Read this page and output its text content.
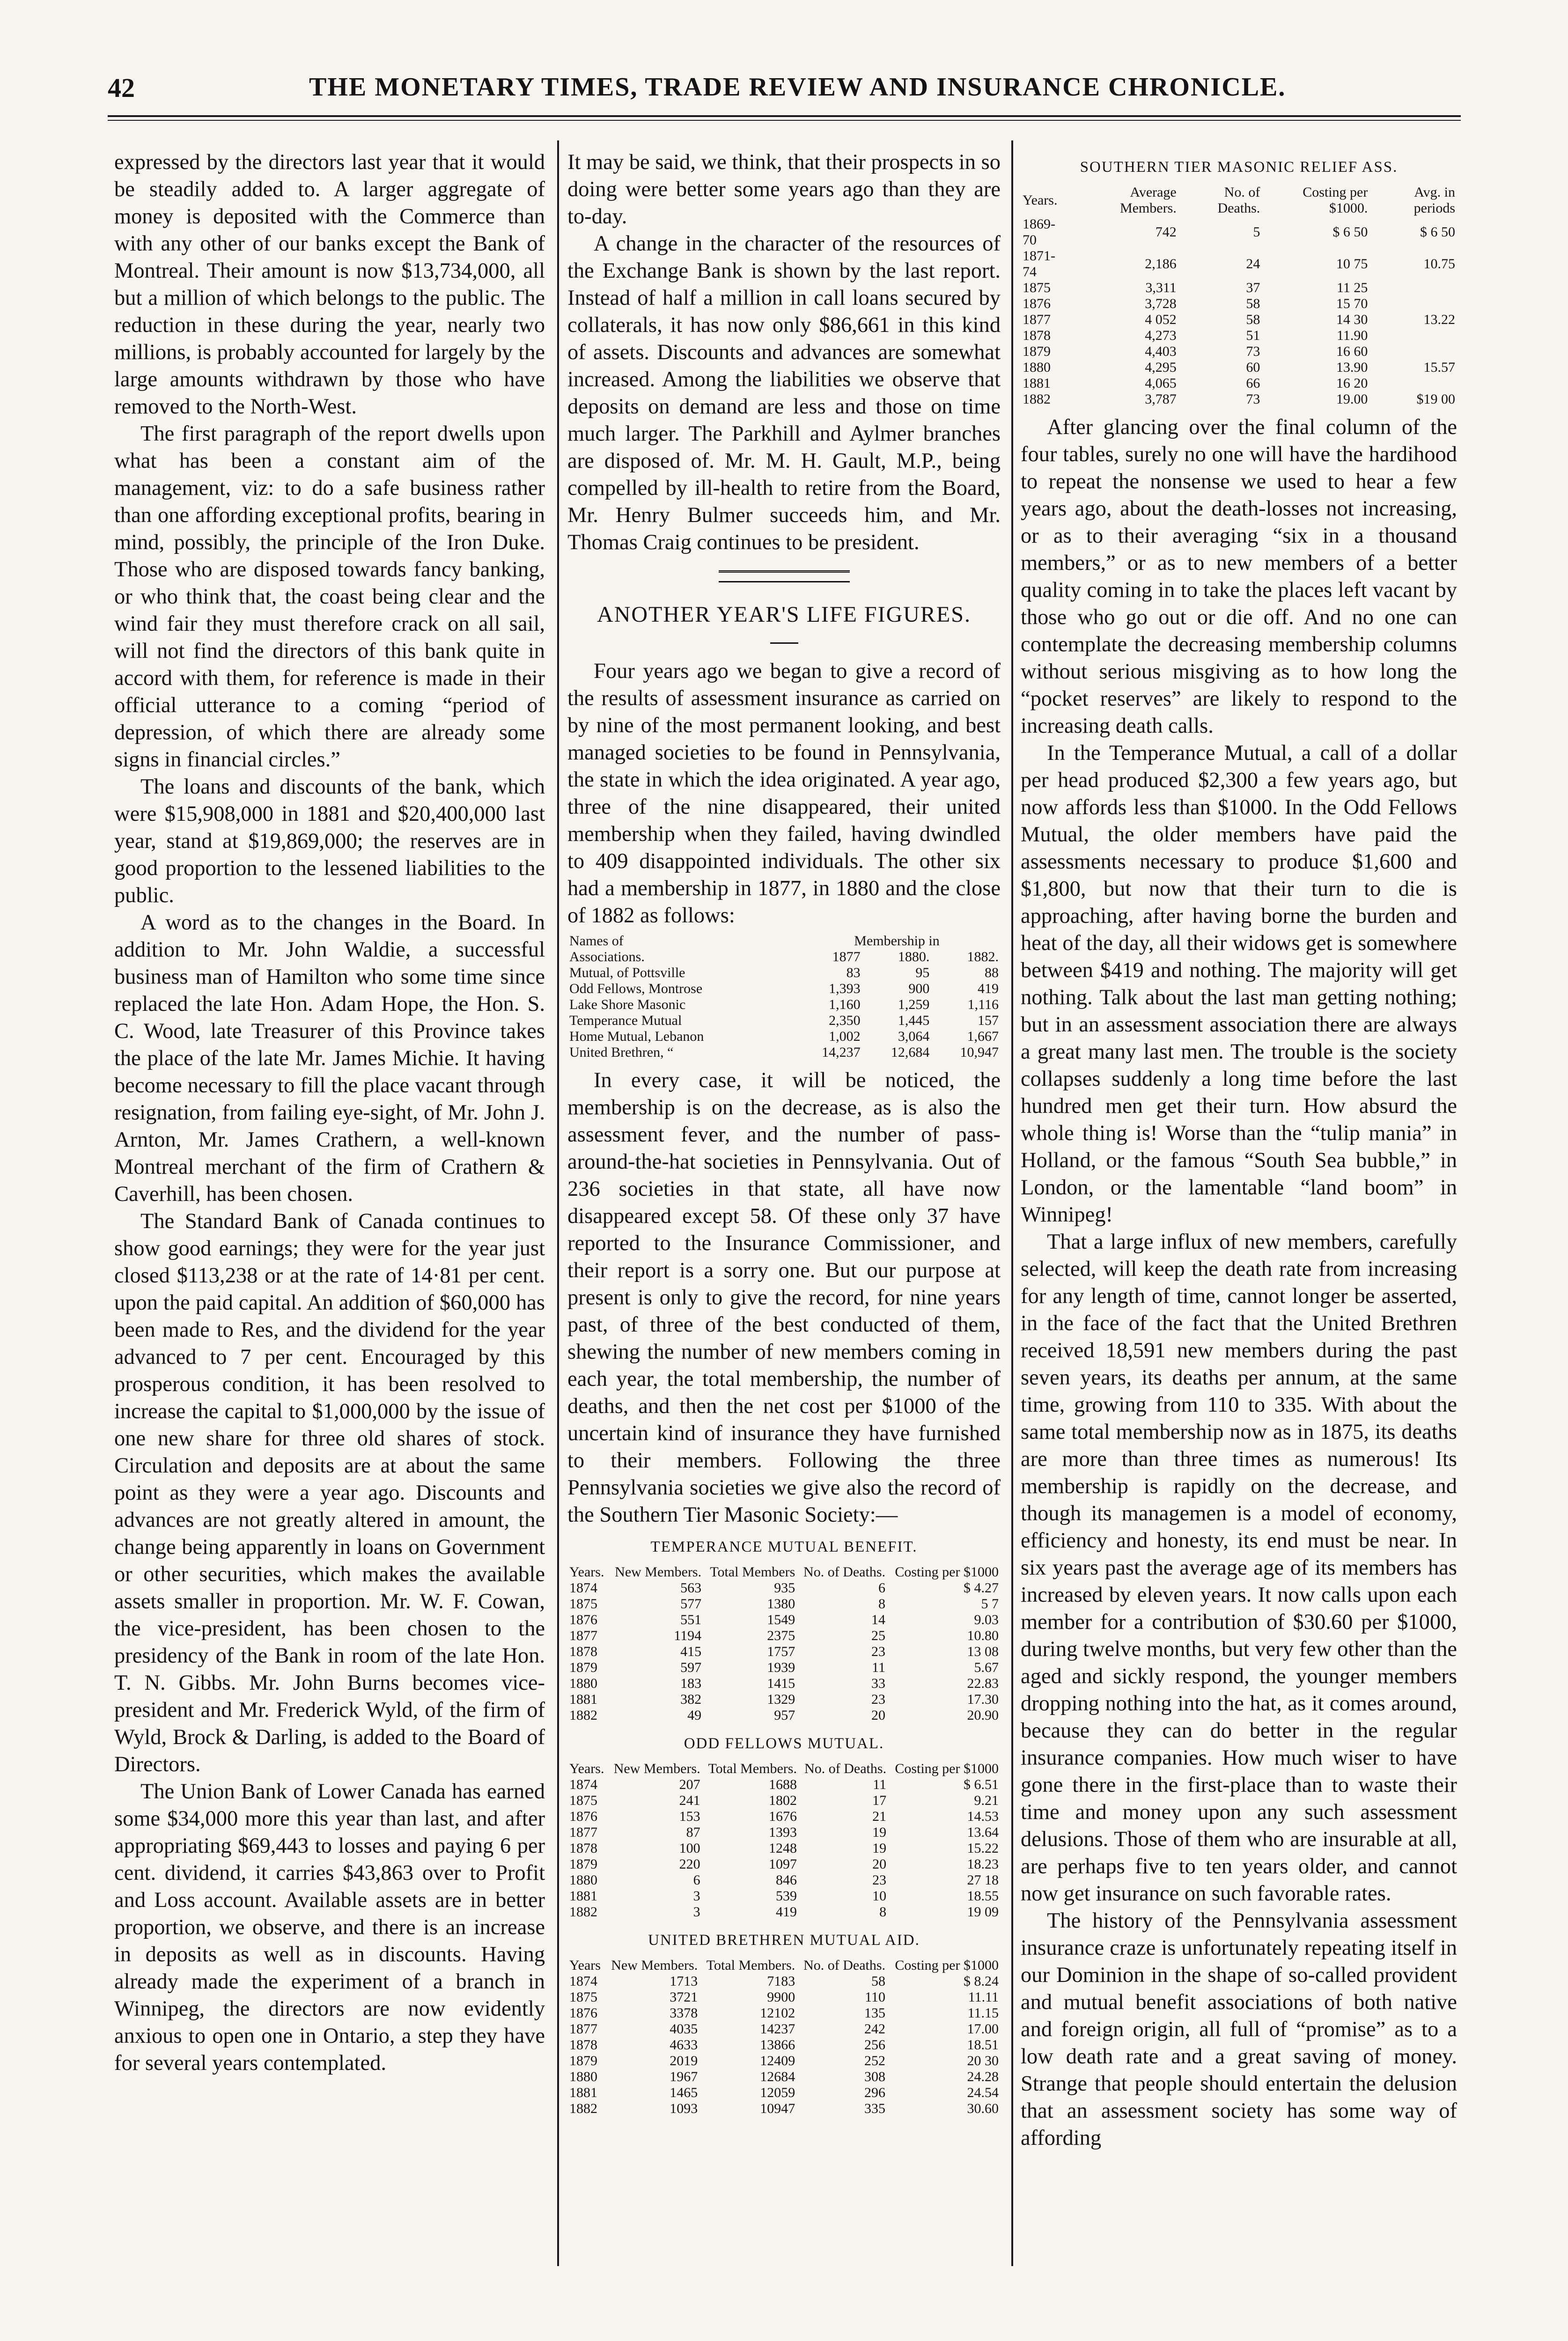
42	THE MONETARY TIMES, TRADE REVIEW AND INSURANCE CHRONICLE.

expressed by the directors last year that it would be steadily added to. A larger aggregate of money is deposited with the Commerce than with any other of our banks except the Bank of Montreal. Their amount is now $13,734,000, all but a million of which belongs to the public. The reduction in these during the year, nearly two millions, is probably accounted for largely by the large amounts withdrawn by those who have removed to the North-West.

The first paragraph of the report dwells upon what has been a constant aim of the management, viz: to do a safe business rather than one affording exceptional profits, bearing in mind, possibly, the principle of the Iron Duke. Those who are disposed towards fancy banking, or who think that, the coast being clear and the wind fair they must therefore crack on all sail, will not find the directors of this bank quite in accord with them, for reference is made in their official utterance to a coming “period of depression, of which there are already some signs in financial circles.”

The loans and discounts of the bank, which were $15,908,000 in 1881 and $20,400,000 last year, stand at $19,869,000; the reserves are in good proportion to the lessened liabilities to the public.

A word as to the changes in the Board. In addition to Mr. John Waldie, a successful business man of Hamilton who some time since replaced the late Hon. Adam Hope, the Hon. S. C. Wood, late Treasurer of this Province takes the place of the late Mr. James Michie. It having become necessary to fill the place vacant through resignation, from failing eye-sight, of Mr. John J. Arnton, Mr. James Crathern, a well-known Montreal merchant of the firm of Crathern & Caverhill, has been chosen.

The Standard Bank of Canada continues to show good earnings; they were for the year just closed $113,238 or at the rate of 14·81 per cent. upon the paid capital. An addition of $60,000 has been made to Res, and the dividend for the year advanced to 7 per cent. Encouraged by this prosperous condition, it has been resolved to increase the capital to $1,000,000 by the issue of one new share for three old shares of stock. Circulation and deposits are at about the same point as they were a year ago. Discounts and advances are not greatly altered in amount, the change being apparently in loans on Government or other securities, which makes the available assets smaller in proportion. Mr. W. F. Cowan, the vice-president, has been chosen to the presidency of the Bank in room of the late Hon. T. N. Gibbs. Mr. John Burns becomes vice-president and Mr. Frederick Wyld, of the firm of Wyld, Brock & Darling, is added to the Board of Directors.

The Union Bank of Lower Canada has earned some $34,000 more this year than last, and after appropriating $69,443 to losses and paying 6 per cent. dividend, it carries $43,863 over to Profit and Loss account. Available assets are in better proportion, we observe, and there is an increase in deposits as well as in discounts. Having already made the experiment of a branch in Winnipeg, the directors are now evidently anxious to open one in Ontario, a step they have for several years contemplated.

It may be said, we think, that their prospects in so doing were better some years ago than they are to-day.

A change in the character of the resources of the Exchange Bank is shown by the last report. Instead of half a million in call loans secured by collaterals, it has now only $86,661 in this kind of assets. Discounts and advances are somewhat increased. Among the liabilities we observe that deposits on demand are less and those on time much larger. The Parkhill and Aylmer branches are disposed of. Mr. M. H. Gault, M.P., being compelled by ill-health to retire from the Board, Mr. Henry Bulmer succeeds him, and Mr. Thomas Craig continues to be president.

ANOTHER YEAR'S LIFE FIGURES.

Four years ago we began to give a record of the results of assessment insurance as carried on by nine of the most permanent looking, and best managed societies to be found in Pennsylvania, the state in which the idea originated. A year ago, three of the nine disappeared, their united membership when they failed, having dwindled to 409 disappointed individuals. The other six had a membership in 1877, in 1880 and the close of 1882 as follows:

Names of	Membership in		
Associations.	1877	1880.	1882.
Mutual, of Pottsville	83	95	88
Odd Fellows, Montrose	1,393	900	419
Lake Shore Masonic	1,160	1,259	1,116
Temperance Mutual	2,350	1,445	157
Home Mutual, Lebanon	1,002	3,064	1,667
United Brethren, “	14,237	12,684	10,947

In every case, it will be noticed, the membership is on the decrease, as is also the assessment fever, and the number of pass-around-the-hat societies in Pennsylvania. Out of 236 societies in that state, all have now disappeared except 58. Of these only 37 have reported to the Insurance Commissioner, and their report is a sorry one. But our purpose at present is only to give the record, for nine years past, of three of the best conducted of them, shewing the number of new members coming in each year, the total membership, the number of deaths, and then the net cost per $1000 of the uncertain kind of insurance they have furnished to their members. Following the three Pennsylvania societies we give also the record of the Southern Tier Masonic Society:—

TEMPERANCE MUTUAL BENEFIT.
Years.	New Members.	Total Members	No. of Deaths.	Costing per $1000
1874	563	935	6	$ 4.27
1875	577	1380	8	5 7
1876	551	1549	14	9.03
1877	1194	2375	25	10.80
1878	415	1757	23	13 08
1879	597	1939	11	5.67
1880	183	1415	33	22.83
1881	382	1329	23	17.30
1882	49	957	20	20.90
ODD FELLOWS MUTUAL.
Years.	New Members.	Total Members.	No. of Deaths.	Costing per $1000
1874	207	1688	11	$ 6.51
1875	241	1802	17	9.21
1876	153	1676	21	14.53
1877	87	1393	19	13.64
1878	100	1248	19	15.22
1879	220	1097	20	18.23
1880	6	846	23	27 18
1881	3	539	10	18.55
1882	3	419	8	19 09
UNITED BRETHREN MUTUAL AID.
Years	New Members.	Total Members.	No. of Deaths.	Costing per $1000
1874	1713	7183	58	$ 8.24
1875	3721	9900	110	11.11
1876	3378	12102	135	11.15
1877	4035	14237	242	17.00
1878	4633	13866	256	18.51
1879	2019	12409	252	20 30
1880	1967	12684	308	24.28
1881	1465	12059	296	24.54
1882	1093	10947	335	30.60
SOUTHERN TIER MASONIC RELIEF ASS.
Years.	Average Members.	No. of Deaths.	Costing per $1000.	Avg. in periods
1869-70	742	5	$ 6 50	$ 6 50
1871-74	2,186	24	10 75	10.75
1875	3,311	37	11 25	
1876	3,728	58	15 70	
1877	4 052	58	14 30	13.22
1878	4,273	51	11.90	
1879	4,403	73	16 60	
1880	4,295	60	13.90	15.57
1881	4,065	66	16 20	
1882	3,787	73	19.00	$19 00

After glancing over the final column of the four tables, surely no one will have the hardihood to repeat the nonsense we used to hear a few years ago, about the death-losses not increasing, or as to their averaging “six in a thousand members,” or as to new members of a better quality coming in to take the places left vacant by those who go out or die off. And no one can contemplate the decreasing membership columns without serious misgiving as to how long the “pocket reserves” are likely to respond to the increasing death calls.

In the Temperance Mutual, a call of a dollar per head produced $2,300 a few years ago, but now affords less than $1000. In the Odd Fellows Mutual, the older members have paid the assessments necessary to produce $1,600 and $1,800, but now that their turn to die is approaching, after having borne the burden and heat of the day, all their widows get is somewhere between $419 and nothing. The majority will get nothing. Talk about the last man getting nothing; but in an assessment association there are always a great many last men. The trouble is the society collapses suddenly a long time before the last hundred men get their turn. How absurd the whole thing is! Worse than the “tulip mania” in Holland, or the famous “South Sea bubble,” in London, or the lamentable “land boom” in Winnipeg!

That a large influx of new members, carefully selected, will keep the death rate from increasing for any length of time, cannot longer be asserted, in the face of the fact that the United Brethren received 18,591 new members during the past seven years, its deaths per annum, at the same time, growing from 110 to 335. With about the same total membership now as in 1875, its deaths are more than three times as numerous! Its membership is rapidly on the decrease, and though its managemen is a model of economy, efficiency and honesty, its end must be near. In six years past the average age of its members has increased by eleven years. It now calls upon each member for a contribution of $30.60 per $1000, during twelve months, but very few other than the aged and sickly respond, the younger members dropping nothing into the hat, as it comes around, because they can do better in the regular insurance companies. How much wiser to have gone there in the first-place than to waste their time and money upon any such assessment delusions. Those of them who are insurable at all, are perhaps five to ten years older, and cannot now get insurance on such favorable rates.

The history of the Pennsylvania assessment insurance craze is unfortunately repeating itself in our Dominion in the shape of so-called provident and mutual benefit associations of both native and foreign origin, all full of “promise” as to a low death rate and a great saving of money. Strange that people should entertain the delusion that an assessment society has some way of affording
